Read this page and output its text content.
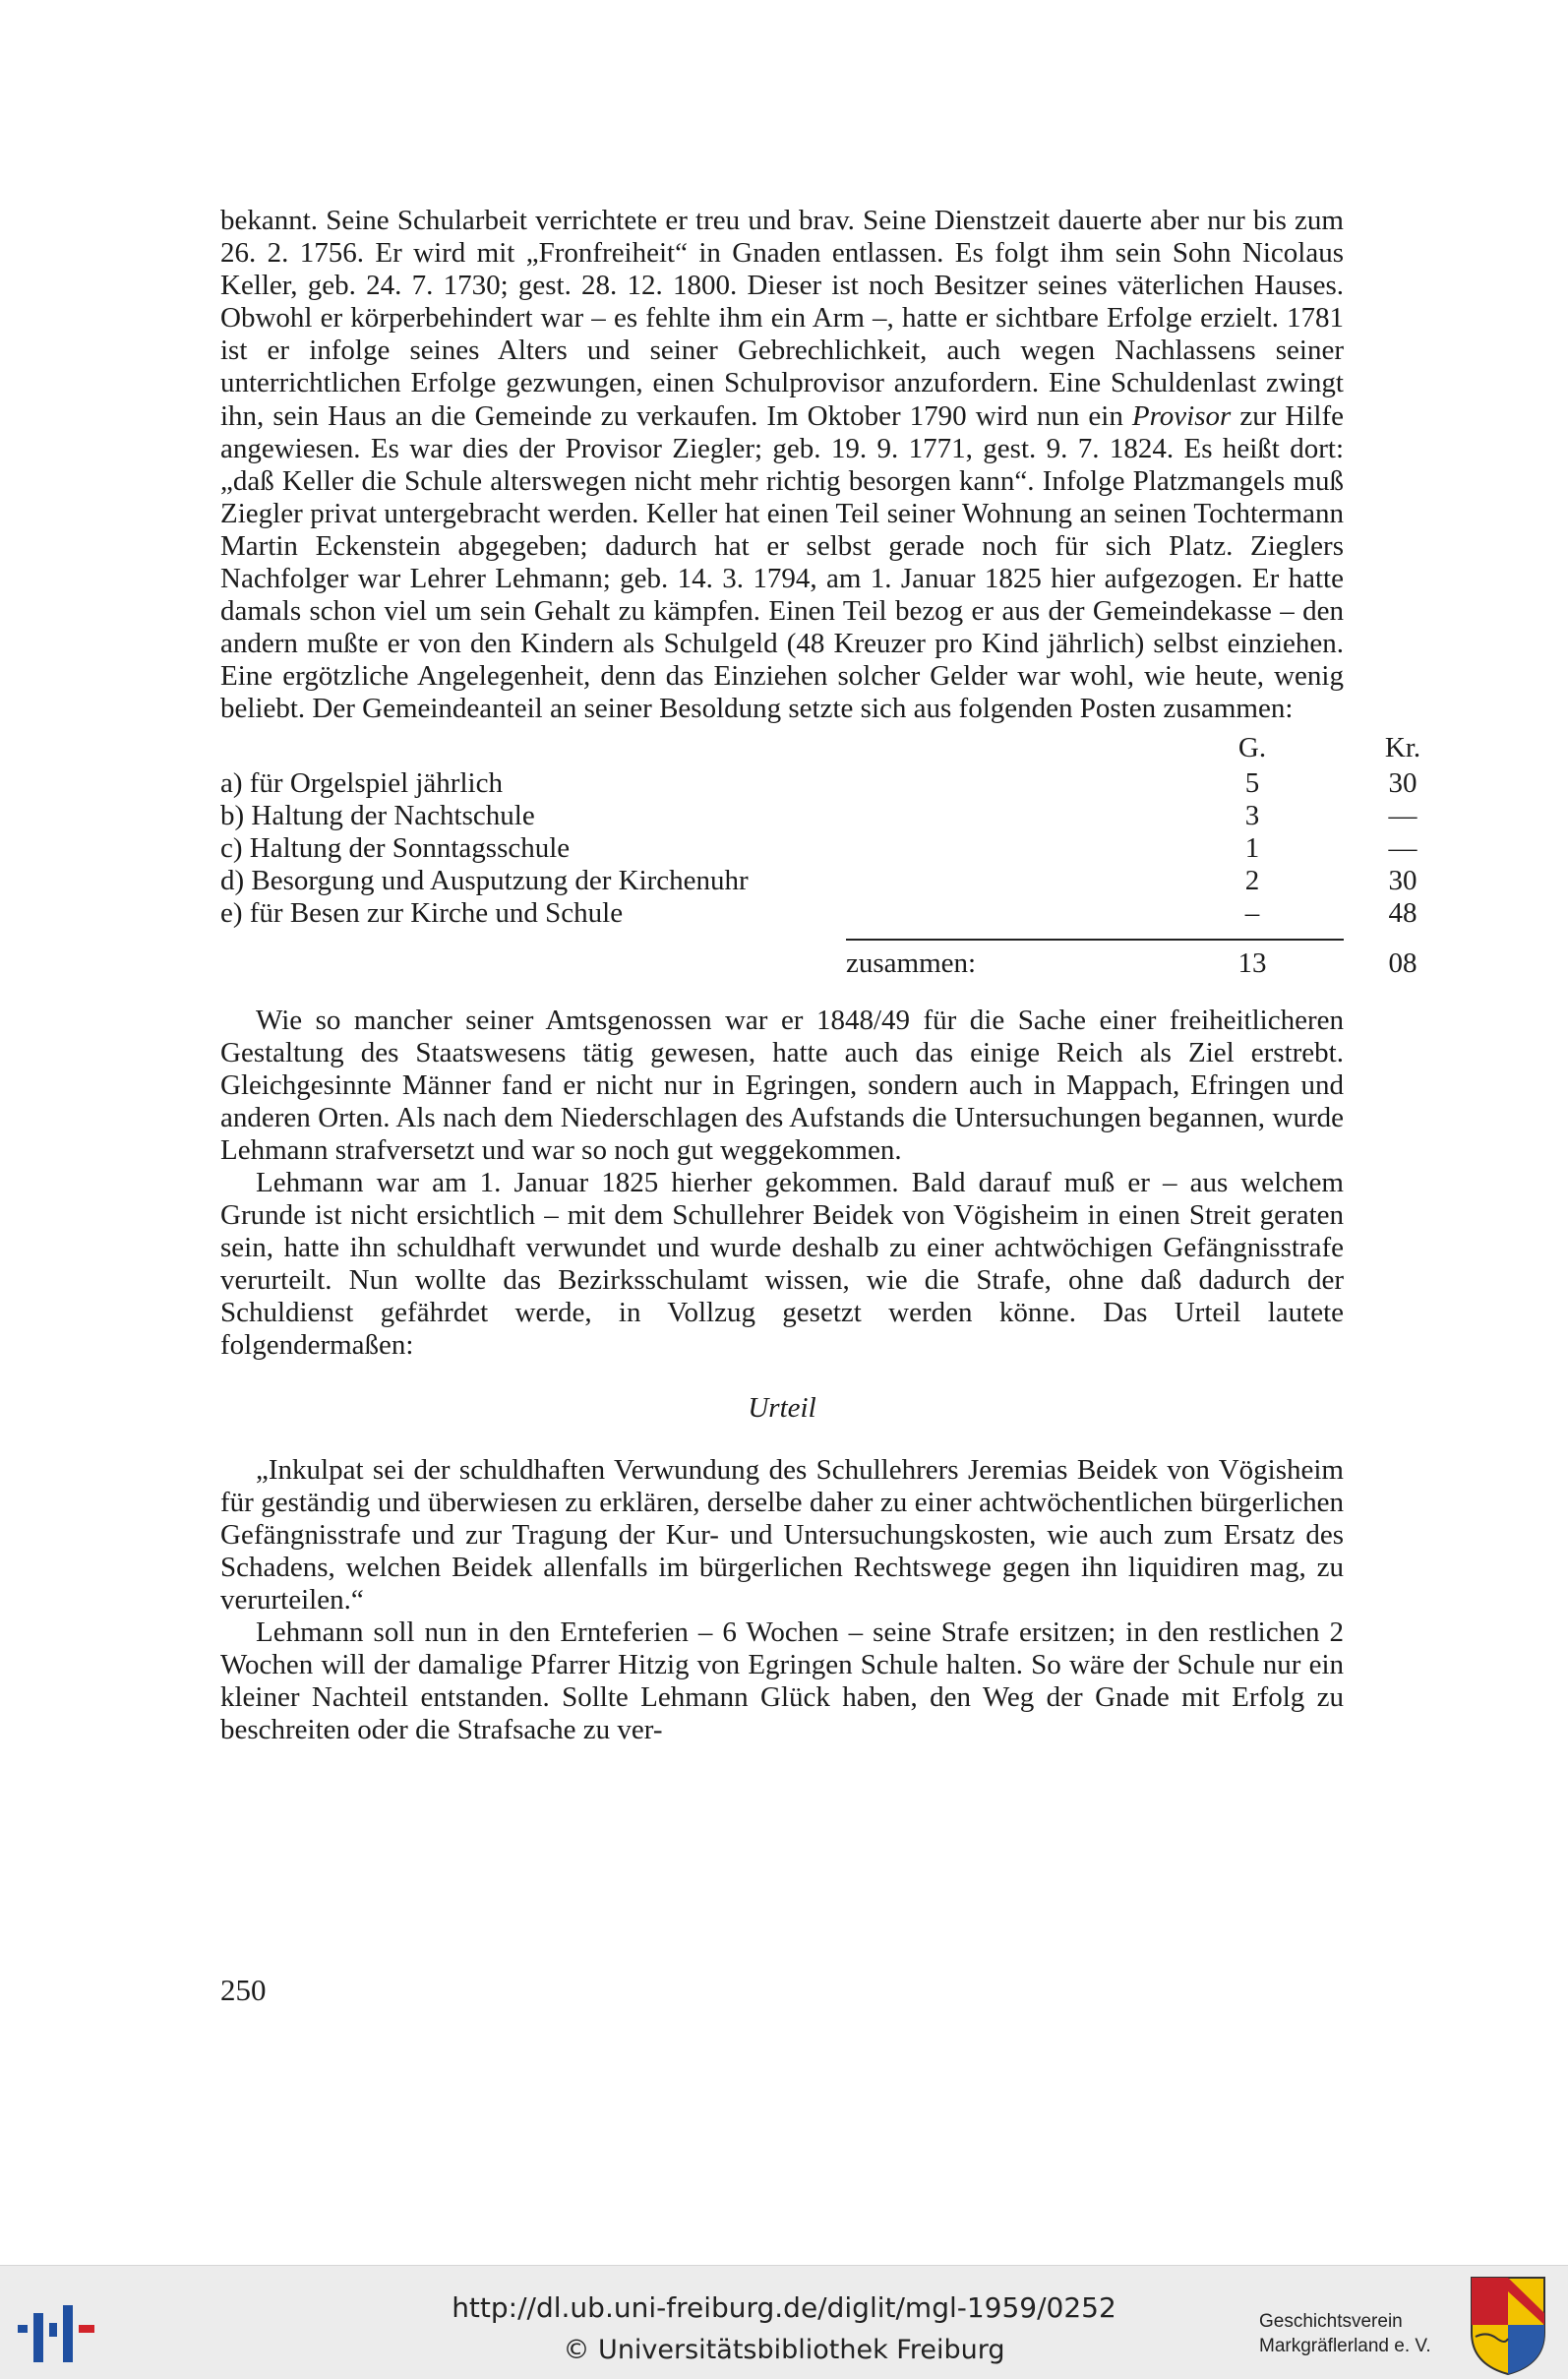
bekannt. Seine Schularbeit verrichtete er treu und brav. Seine Dienstzeit dauerte aber nur bis zum 26. 2. 1756. Er wird mit „Fronfreiheit“ in Gnaden entlassen. Es folgt ihm sein Sohn Nicolaus Keller, geb. 24. 7. 1730; gest. 28. 12. 1800. Dieser ist noch Besitzer seines väterlichen Hauses. Obwohl er körperbehindert war – es fehlte ihm ein Arm –, hatte er sichtbare Erfolge erzielt. 1781 ist er infolge seines Alters und seiner Gebrechlichkeit, auch wegen Nachlassens seiner unterrichtlichen Erfolge gezwungen, einen Schulprovisor anzufordern. Eine Schuldenlast zwingt ihn, sein Haus an die Gemeinde zu verkaufen. Im Oktober 1790 wird nun ein Provisor zur Hilfe angewiesen. Es war dies der Provisor Ziegler; geb. 19. 9. 1771, gest. 9. 7. 1824. Es heißt dort: „daß Keller die Schule alterswegen nicht mehr richtig besorgen kann“. Infolge Platzmangels muß Ziegler privat untergebracht werden. Keller hat einen Teil seiner Wohnung an seinen Tochtermann Martin Eckenstein abgegeben; dadurch hat er selbst gerade noch für sich Platz. Zieglers Nachfolger war Lehrer Lehmann; geb. 14. 3. 1794, am 1. Januar 1825 hier aufgezogen. Er hatte damals schon viel um sein Gehalt zu kämpfen. Einen Teil bezog er aus der Gemeindekasse – den andern mußte er von den Kindern als Schulgeld (48 Kreuzer pro Kind jährlich) selbst einziehen. Eine ergötzliche Angelegenheit, denn das Einziehen solcher Gelder war wohl, wie heute, wenig beliebt. Der Gemeindeanteil an seiner Besoldung setzte sich aus folgenden Posten zusammen:

G.	Kr.
a) für Orgelspiel jährlich	5	30
b) Haltung der Nachtschule	3	—
c) Haltung der Sonntagsschule	1	—
d) Besorgung und Ausputzung der Kirchenuhr	2	30
e) für Besen zur Kirche und Schule	–	48
zusammen:	13	08

Wie so mancher seiner Amtsgenossen war er 1848/49 für die Sache einer freiheitlicheren Gestaltung des Staatswesens tätig gewesen, hatte auch das einige Reich als Ziel erstrebt. Gleichgesinnte Männer fand er nicht nur in Egringen, sondern auch in Mappach, Efringen und anderen Orten. Als nach dem Niederschlagen des Aufstands die Untersuchungen begannen, wurde Lehmann strafversetzt und war so noch gut weggekommen.

Lehmann war am 1. Januar 1825 hierher gekommen. Bald darauf muß er – aus welchem Grunde ist nicht ersichtlich – mit dem Schullehrer Beidek von Vögisheim in einen Streit geraten sein, hatte ihn schuldhaft verwundet und wurde deshalb zu einer achtwöchigen Gefängnisstrafe verurteilt. Nun wollte das Bezirksschulamt wissen, wie die Strafe, ohne daß dadurch der Schuldienst gefährdet werde, in Vollzug gesetzt werden könne. Das Urteil lautete folgendermaßen:

Urteil

„Inkulpat sei der schuldhaften Verwundung des Schullehrers Jeremias Beidek von Vögisheim für geständig und überwiesen zu erklären, derselbe daher zu einer achtwöchentlichen bürgerlichen Gefängnisstrafe und zur Tragung der Kur- und Untersuchungskosten, wie auch zum Ersatz des Schadens, welchen Beidek allenfalls im bürgerlichen Rechtswege gegen ihn liquidiren mag, zu verurteilen.“

Lehmann soll nun in den Ernteferien – 6 Wochen – seine Strafe ersitzen; in den restlichen 2 Wochen will der damalige Pfarrer Hitzig von Egringen Schule halten. So wäre der Schule nur ein kleiner Nachteil entstanden. Sollte Lehmann Glück haben, den Weg der Gnade mit Erfolg zu beschreiten oder die Strafsache zu ver-

250
http://dl.ub.uni-freiburg.de/diglit/mgl-1959/0252
© Universitätsbibliothek Freiburg
Geschichtsverein
Markgräflerland e. V.
